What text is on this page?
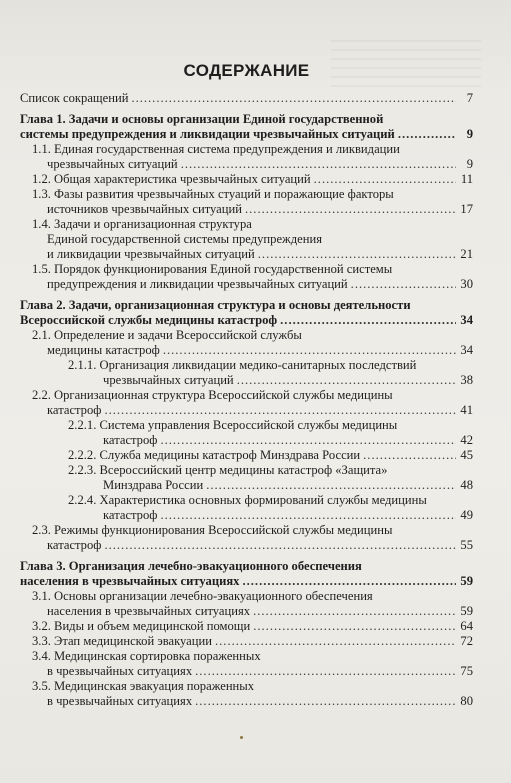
СОДЕРЖАНИЕ
Список сокращений .....	7
Глава 1. Задачи и основы организации Единой государственной
системы предупреждения и ликвидации чрезвычайных ситуаций .....	9
1.1. Единая государственная система предупреждения и ликвидации
чрезвычайных ситуаций .....	9
1.2. Общая характеристика чрезвычайных ситуаций .....	11
1.3. Фазы развития чрезвычайных стуаций и поражающие факторы
источников чрезвычайных ситуаций .....	17
1.4. Задачи и организационная структура
Единой государственной системы предупреждения
и ликвидации чрезвычайных ситуаций .....	21
1.5. Порядок функционирования Единой государственной системы
предупреждения и ликвидации чрезвычайных ситуаций .....	30
Глава 2. Задачи, организационная структура и основы деятельности
Всероссийской службы медицины катастроф .....	34
2.1. Определение и задачи Всероссийской службы
медицины катастроф .....	34
2.1.1. Организация ликвидации медико-санитарных последствий
чрезвычайных ситуаций .....	38
2.2. Организационная структура Всероссийской службы медицины
катастроф .....	41
2.2.1. Система управления Всероссийской службы медицины
катастроф .....	42
2.2.2. Служба медицины катастроф Минздрава России .....	45
2.2.3. Всероссийский центр медицины катастроф «Защита»
Минздрава России .....	48
2.2.4. Характеристика основных формирований службы медицины
катастроф .....	49
2.3. Режимы функционирования Всероссийской службы медицины
катастроф .....	55
Глава 3. Организация лечебно-эвакуационного обеспечения
населения в чрезвычайных ситуациях .....	59
3.1. Основы организации лечебно-эвакуационного обеспечения
населения в чрезвычайных ситуациях .....	59
3.2. Виды и объем медицинской помощи .....	64
3.3. Этап медицинской эвакуации .....	72
3.4. Медицинская сортировка пораженных
в чрезвычайных ситуациях .....	75
3.5. Медицинская эвакуация пораженных
в чрезвычайных ситуациях .....	80
